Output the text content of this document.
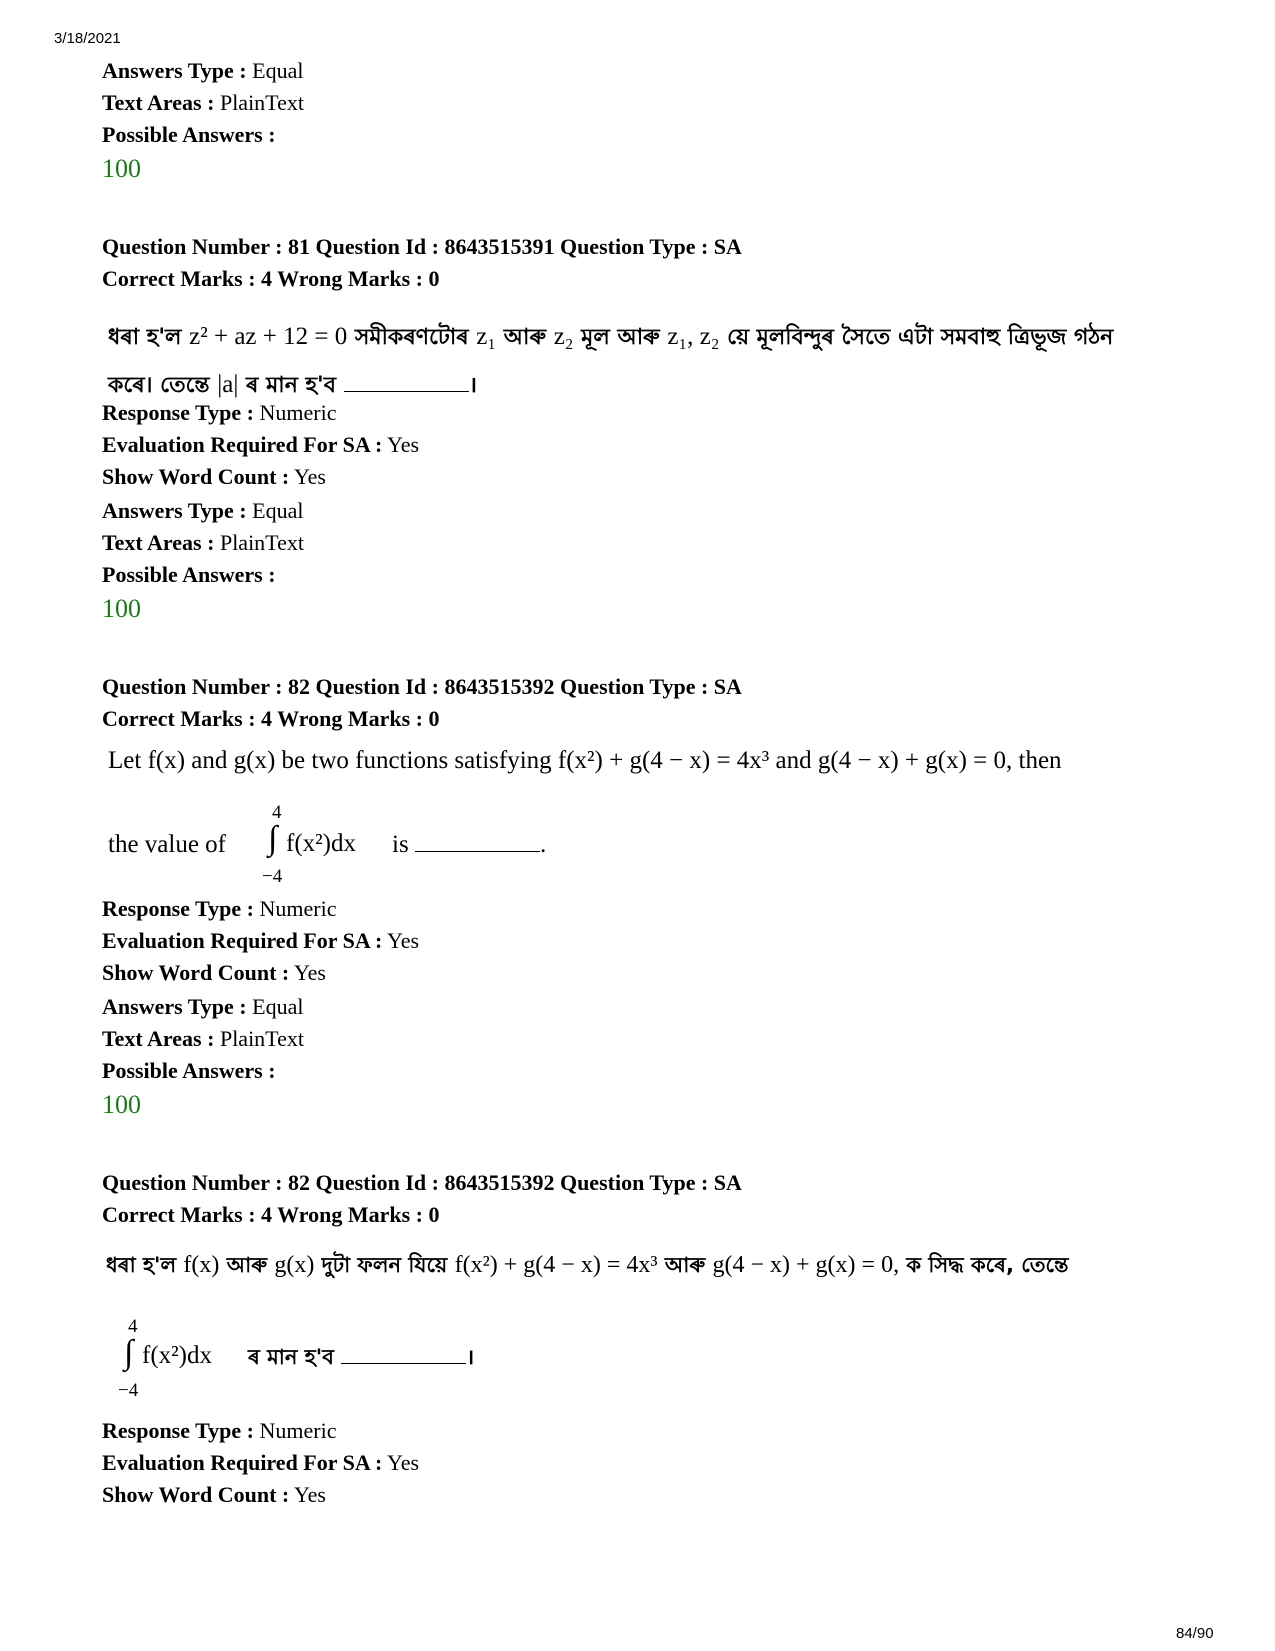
3/18/2021
Answers Type : Equal
Text Areas : PlainText
Possible Answers :
100
Question Number : 81 Question Id : 8643515391 Question Type : SA
Correct Marks : 4 Wrong Marks : 0
ধৰা হ'ল z² + az + 12 = 0 সমীকৰণটোৰ z₁ আৰু z₂ মূল আৰু z₁, z₂ য়ে মূলবিন্দুৰ সৈতে এটা সমবাহু ত্ৰিভূজ গঠন
কৰে। তেন্তে |a| ৰ মান হ'ব	।
Response Type : Numeric
Evaluation Required For SA : Yes
Show Word Count : Yes
Answers Type : Equal
Text Areas : PlainText
Possible Answers :
100
Question Number : 82 Question Id : 8643515392 Question Type : SA
Correct Marks : 4 Wrong Marks : 0
Let f(x) and g(x) be two functions satisfying f(x²) + g(4 − x) = 4x³ and g(4 − x) + g(x) = 0, then
the value of
4
∫ f(x²)dx
−4
is	.
Response Type : Numeric
Evaluation Required For SA : Yes
Show Word Count : Yes
Answers Type : Equal
Text Areas : PlainText
Possible Answers :
100
Question Number : 82 Question Id : 8643515392 Question Type : SA
Correct Marks : 4 Wrong Marks : 0
ধৰা হ'ল f(x) আৰু g(x) দুটা ফলন যিয়ে f(x²) + g(4 − x) = 4x³ আৰু g(4 − x) + g(x) = 0, ক সিদ্ধ কৰে, তেন্তে
4
∫ f(x²)dx
−4
ৰ মান হ'ব	।
Response Type : Numeric
Evaluation Required For SA : Yes
Show Word Count : Yes
84/90
